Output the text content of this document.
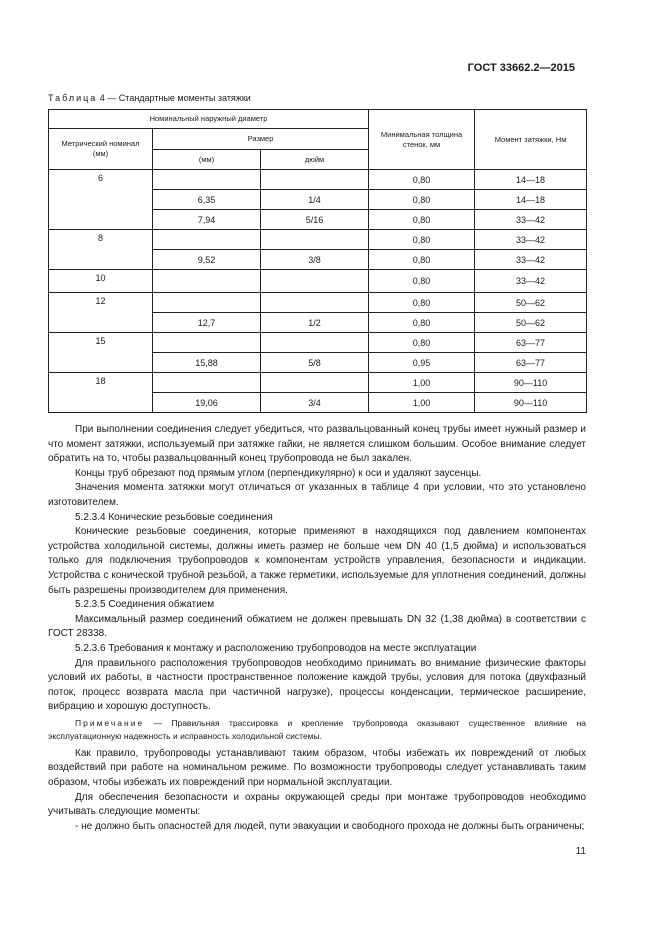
ГОСТ 33662.2—2015
Таблица 4 — Стандартные моменты затяжки
Номинальный наружный диаметр			Минимальная толщина стенок, мм	Момент затяжки, Нм
Метрический номинал (мм)	Размер			
	(мм)	дюйм		
6			0,80	14—18
	6,35	1/4	0,80	14—18
	7,94	5/16	0,80	33—42
8			0,80	33—42
	9,52	3/8	0,80	33—42
10			0,80	33—42
12			0,80	50—62
	12,7	1/2	0,80	50—62
15			0,80	63—77
	15,88	5/8	0,95	63—77
18			1,00	90—110
	19,06	3/4	1,00	90—110

При выполнении соединения следует убедиться, что развальцованный конец трубы имеет нужный размер и что момент затяжки, используемый при затяжке гайки, не является слишком большим. Особое внимание следует обратить на то, чтобы развальцованный конец трубопровода не был закален.

Концы труб обрезают под прямым углом (перпендикулярно) к оси и удаляют заусенцы.

Значения момента затяжки могут отличаться от указанных в таблице 4 при условии, что это установлено изготовителем.

5.2.3.4 Конические резьбовые соединения

Конические резьбовые соединения, которые применяют в находящихся под давлением компонентах устройства холодильной системы, должны иметь размер не больше чем DN 40 (1,5 дюйма) и использоваться только для подключения трубопроводов к компонентам устройств управления, безопасности и индикации. Устройства с конической трубной резьбой, а также герметики, используемые для уплотнения соединений, должны быть разрешены производителем для применения.

5.2.3.5 Соединения обжатием

Максимальный размер соединений обжатием не должен превышать DN 32 (1,38 дюйма) в соответствии с ГОСТ 28338.

5.2.3.6 Требования к монтажу и расположению трубопроводов на месте эксплуатации

Для правильного расположения трубопроводов необходимо принимать во внимание физические факторы условий их работы, в частности пространственное положение каждой трубы, условия для потока (двухфазный поток, процесс возврата масла при частичной нагрузке), процессы конденсации, термическое расширение, вибрацию и хорошую доступность.

Примечание — Правильная трассировка и крепление трубопровода оказывают существенное влияние на эксплуатационную надежность и исправность холодильной системы.

Как правило, трубопроводы устанавливают таким образом, чтобы избежать их повреждений от любых воздействий при работе на номинальном режиме. По возможности трубопроводы следует устанавливать таким образом, чтобы избежать их повреждений при нормальной эксплуатации.

Для обеспечения безопасности и охраны окружающей среды при монтаже трубопроводов необходимо учитывать следующие моменты:

- не должно быть опасностей для людей, пути эвакуации и свободного прохода не должны быть ограничены;

11
